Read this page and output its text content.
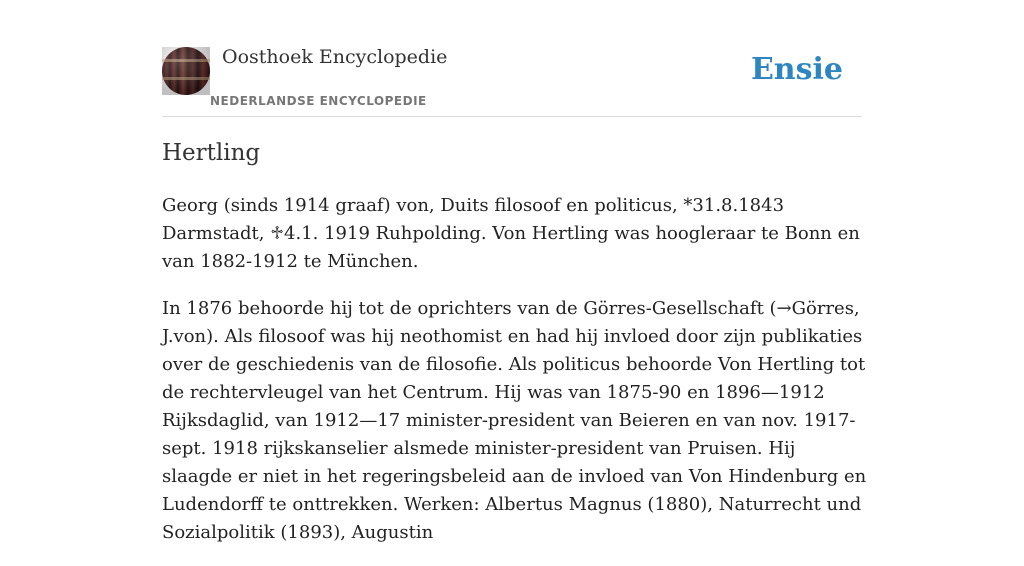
Oosthoek Encyclopedie
NEDERLANDSE ENCYCLOPEDIE
Ensie
Hertling

Georg (sinds 1914 graaf) von, Duits filosoof en politicus, *31.8.1843 Darmstadt, ♱4.1. 1919 Ruhpolding. Von Hertling was hoogleraar te Bonn en van 1882-1912 te München.

In 1876 behoorde hij tot de oprichters van de Görres-Gesellschaft (→Görres, J.von). Als filosoof was hij neothomist en had hij invloed door zijn publikaties over de geschiedenis van de filosofie. Als politicus behoorde Von Hertling tot de rechtervleugel van het Centrum. Hij was van 1875-90 en 1896—1912 Rijksdaglid, van 1912—17 minister-president van Beieren en van nov. 1917-sept. 1918 rijkskanselier alsmede minister-president van Pruisen. Hij slaagde er niet in het regeringsbeleid aan de invloed van Von Hindenburg en Ludendorff te onttrekken. Werken: Albertus Magnus (1880), Naturrecht und Sozialpolitik (1893), Augustin
